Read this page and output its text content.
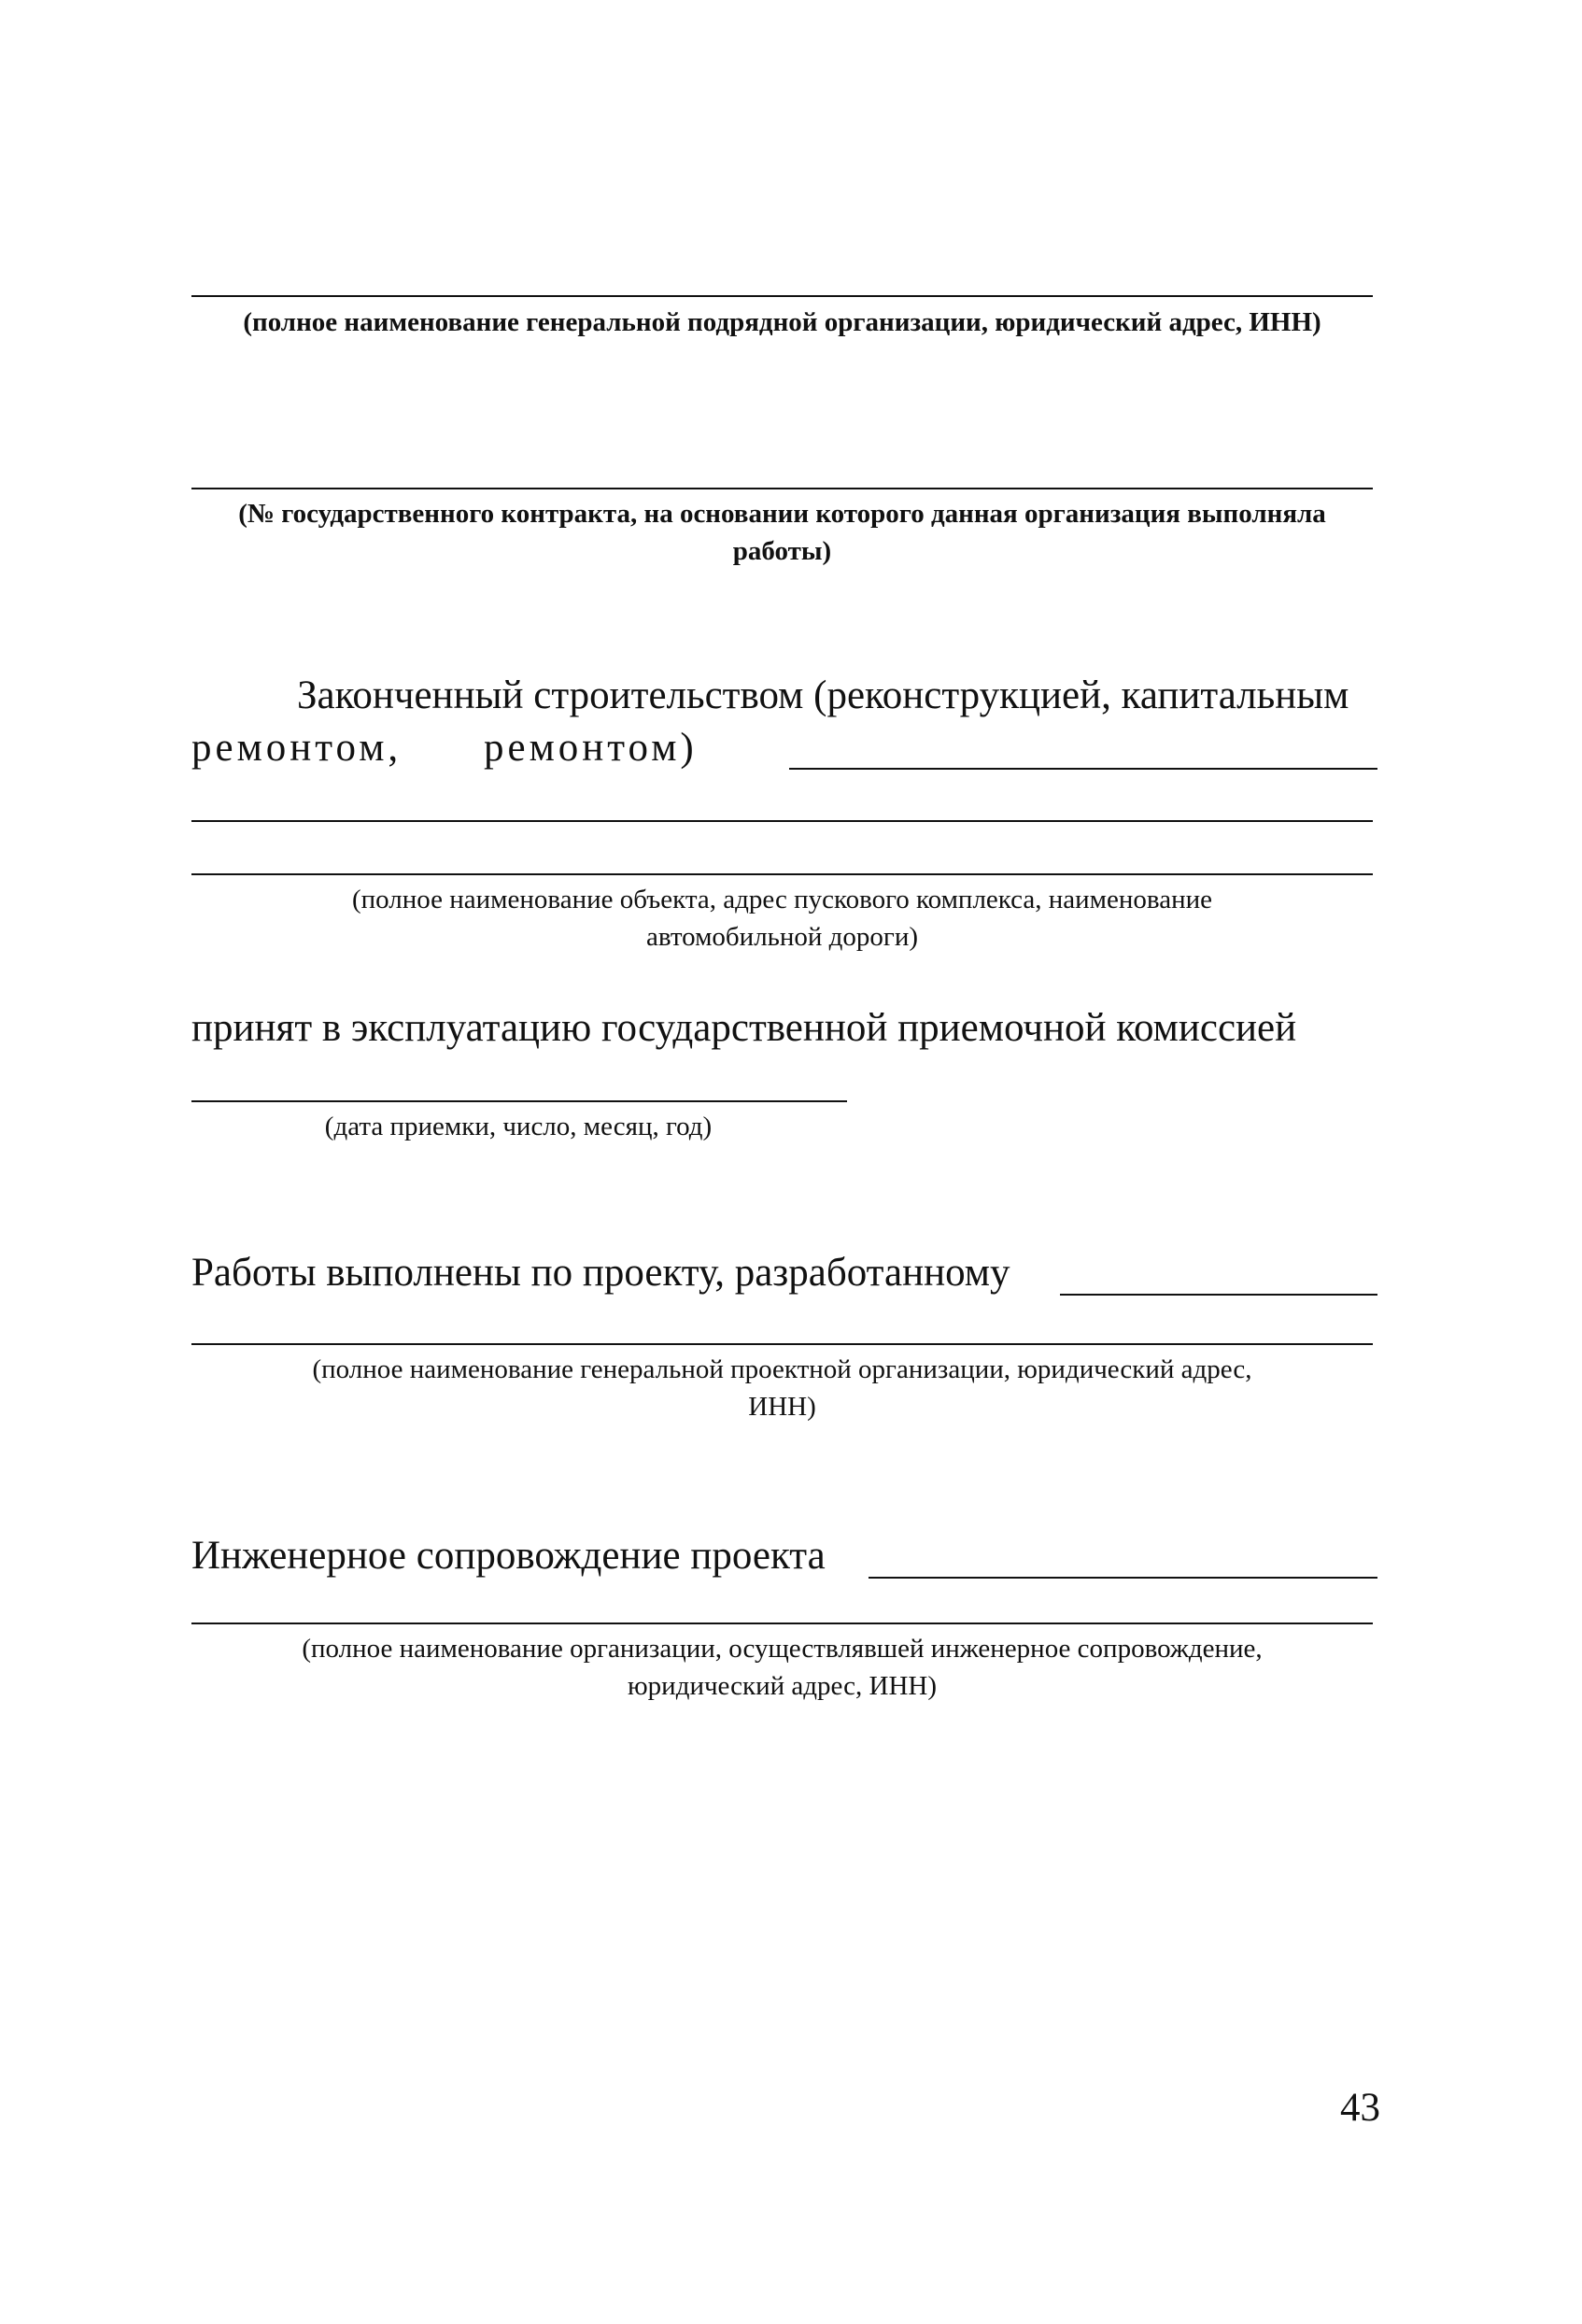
(полное наименование генеральной подрядной организации, юридический адрес, ИНН)

(№ государственного контракта, на основании которого данная организация выполняла

работы)

Законченный строительством (реконструкцией, капитальным

ремонтом, ремонтом)

(полное наименование объекта, адрес пускового комплекса, наименование

автомобильной дороги)

принят в эксплуатацию государственной приемочной комиссией

(дата приемки, число, месяц, год)

Работы выполнены по проекту, разработанному

(полное наименование генеральной проектной организации, юридический адрес,

ИНН)

Инженерное сопровождение проекта

(полное наименование организации, осуществлявшей инженерное сопровождение,

юридический адрес, ИНН)

43
